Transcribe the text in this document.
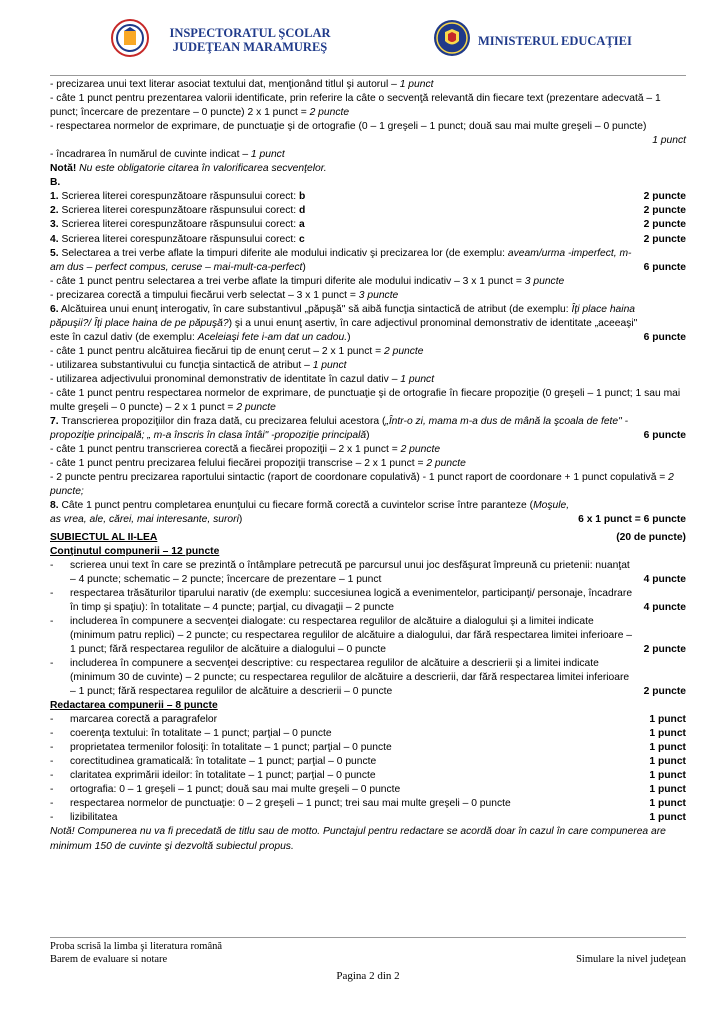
INSPECTORATUL ŞCOLAR
JUDEŢEAN MARAMUREŞ	MINISTERUL EDUCAŢIEI

- precizarea unui text literar asociat textului dat, menţionând titlul şi autorul – 1 punct

- câte 1 punct pentru prezentarea valorii identificate, prin referire la câte o secvenţă relevantă din fiecare text (prezentare adecvată – 1 punct; încercare de prezentare – 0 puncte) 2 x 1 punct = 2 puncte

- respectarea normelor de exprimare, de punctuaţie şi de ortografie (0 – 1 greşeli – 1 punct; două sau mai multe greşeli – 0 puncte)

1 punct

- încadrarea în numărul de cuvinte indicat – 1 punct

Notă! Nu este obligatorie citarea în valorificarea secvenţelor.

B.

1. Scrierea literei corespunzătoare răspunsului corect: b	2 puncte
2. Scrierea literei corespunzătoare răspunsului corect: d	2 puncte
3. Scrierea literei corespunzătoare răspunsului corect: a	2 puncte
4. Scrierea literei corespunzătoare răspunsului corect: c	2 puncte
5. Selectarea a trei verbe aflate la timpuri diferite ale modului indicativ şi precizarea lor (de exemplu: aveam/urma -imperfect, m-am dus – perfect compus, ceruse – mai-mult-ca-perfect)	6 puncte

- câte 1 punct pentru selectarea a trei verbe aflate la timpuri diferite ale modului indicativ – 3 x 1 punct = 3 puncte

- precizarea corectă a timpului fiecărui verb selectat – 3 x 1 punct = 3 puncte

6. Alcătuirea unui enunţ interogativ, în care substantivul „păpuşă" să aibă funcţia sintactică de atribut (de exemplu: Îţi place haina păpuşii?/ Îţi place haina de pe păpuşă?) şi a unui enunţ asertiv, în care adjectivul pronominal demonstrativ de identitate „aceeaşi" este în cazul dativ (de exemplu: Aceleiaşi fete i-am dat un cadou.)	6 puncte

- câte 1 punct pentru alcătuirea fiecărui tip de enunţ cerut – 2 x 1 punct = 2 puncte

- utilizarea substantivului cu funcţia sintactică de atribut – 1 punct

- utilizarea adjectivului pronominal demonstrativ de identitate în cazul dativ – 1 punct

- câte 1 punct pentru respectarea normelor de exprimare, de punctuaţie şi de ortografie în fiecare propoziţie (0 greşeli – 1 punct; 1 sau mai multe greşeli – 0 puncte) – 2 x 1 punct = 2 puncte

7. Transcrierea propoziţiilor din fraza dată, cu precizarea felului acestora („Într-o zi, mama m-a dus de mână la şcoala de fete" - propoziţie principală; „ m-a înscris în clasa întâi" -propoziţie principală)	6 puncte

- câte 1 punct pentru transcrierea corectă a fiecărei propoziţii – 2 x 1 punct = 2 puncte

- câte 1 punct pentru precizarea felului fiecărei propoziţii transcrise – 2 x 1 punct = 2 puncte

- 2 puncte pentru precizarea raportului sintactic (raport de coordonare copulativă) - 1 punct raport de coordonare + 1 punct copulativă = 2 puncte;

8. Câte 1 punct pentru completarea enunţului cu fiecare formă corectă a cuvintelor scrise între paranteze (Moşule, as vrea, ale, cărei, mai interesante, surori)	6 x 1 punct = 6 puncte
SUBIECTUL AL II-LEA	(20 de puncte)

Conţinutul compunerii – 12 puncte

-	scrierea unui text în care se prezintă o întâmplare petrecută pe parcursul unui joc desfăşurat împreună cu prietenii: nuanţat – 4 puncte; schematic – 2 puncte; încercare de prezentare – 1 punct	4 puncte
-	respectarea trăsăturilor tiparului narativ (de exemplu: succesiunea logică a evenimentelor, participanţi/ personaje, încadrare în timp şi spaţiu): în totalitate – 4 puncte; parţial, cu divagaţii – 2 puncte	4 puncte
-	includerea în compunere a secvenţei dialogate: cu respectarea regulilor de alcătuire a dialogului şi a limitei indicate (minimum patru replici) – 2 puncte; cu respectarea regulilor de alcătuire a dialogului, dar fără respectarea limitei inferioare – 1 punct; fără respectarea regulilor de alcătuire a dialogului – 0 puncte	2 puncte
-	includerea în compunere a secvenţei descriptive: cu respectarea regulilor de alcătuire a descrierii şi a limitei indicate (minimum 30 de cuvinte) – 2 puncte; cu respectarea regulilor de alcătuire a descrierii, dar fără respectarea limitei inferioare – 1 punct; fără respectarea regulilor de alcătuire a descrierii – 0 puncte	2 puncte

Redactarea compunerii – 8 puncte

-	marcarea corectă a paragrafelor	1 punct
-	coerenţa textului: în totalitate – 1 punct; parţial – 0 puncte	1 punct
-	proprietatea termenilor folosiţi: în totalitate – 1 punct; parţial – 0 puncte	1 punct
-	corectitudinea gramaticală: în totalitate – 1 punct; parţial – 0 puncte	1 punct
-	claritatea exprimării ideilor: în totalitate – 1 punct; parţial – 0 puncte	1 punct
-	ortografia: 0 – 1 greşeli – 1 punct; două sau mai multe greşeli – 0 puncte	1 punct
-	respectarea normelor de punctuaţie: 0 – 2 greşeli – 1 punct; trei sau mai multe greşeli – 0 puncte	1 punct
-	lizibilitatea	1 punct

Notă! Compunerea nu va fi precedată de titlu sau de motto. Punctajul pentru redactare se acordă doar în cazul în care compunerea are minimum 150 de cuvinte şi dezvoltă subiectul propus.

Proba scrisă la limba şi literatura română
Barem de evaluare si notare	Simulare la nivel judeţean
Pagina 2 din 2
